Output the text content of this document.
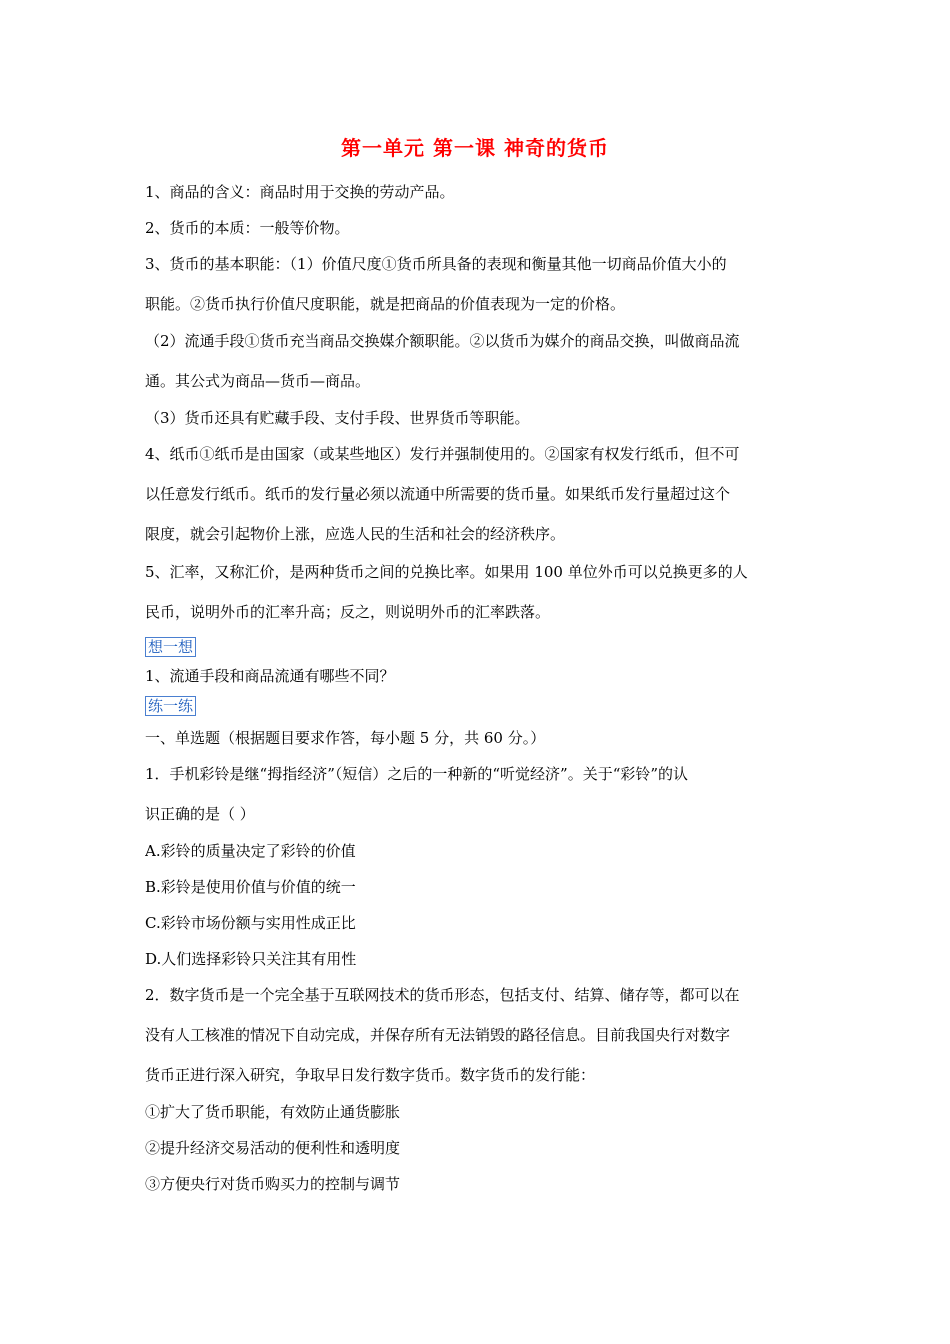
第一单元 第一课 神奇的货币
1、商品的含义：商品时用于交换的劳动产品。
2、货币的本质：一般等价物。
3、货币的基本职能：（1）价值尺度①货币所具备的表现和衡量其他一切商品价值大小的
职能。②货币执行价值尺度职能，就是把商品的价值表现为一定的价格。
（2）流通手段①货币充当商品交换媒介额职能。②以货币为媒介的商品交换，叫做商品流
通。其公式为商品—货币—商品。
（3）货币还具有贮藏手段、支付手段、世界货币等职能。
4、纸币①纸币是由国家（或某些地区）发行并强制使用的。②国家有权发行纸币，但不可
以任意发行纸币。纸币的发行量必须以流通中所需要的货币量。如果纸币发行量超过这个
限度，就会引起物价上涨，应选人民的生活和社会的经济秩序。
5、汇率，又称汇价，是两种货币之间的兑换比率。如果用 100 单位外币可以兑换更多的人
民币，说明外币的汇率升高；反之，则说明外币的汇率跌落。
想一想
1、流通手段和商品流通有哪些不同？
练一练
一、单选题（根据题目要求作答，每小题 5 分，共 60 分。）
1．手机彩铃是继“拇指经济”（短信）之后的一种新的“听觉经济”。关于“彩铃”的认
识正确的是（ ）
A.彩铃的质量决定了彩铃的价值
B.彩铃是使用价值与价值的统一
C.彩铃市场份额与实用性成正比
D.人们选择彩铃只关注其有用性
2．数字货币是一个完全基于互联网技术的货币形态，包括支付、结算、储存等，都可以在
没有人工核准的情况下自动完成，并保存所有无法销毁的路径信息。目前我国央行对数字
货币正进行深入研究，争取早日发行数字货币。数字货币的发行能：
①扩大了货币职能，有效防止通货膨胀
②提升经济交易活动的便利性和透明度
③方便央行对货币购买力的控制与调节
